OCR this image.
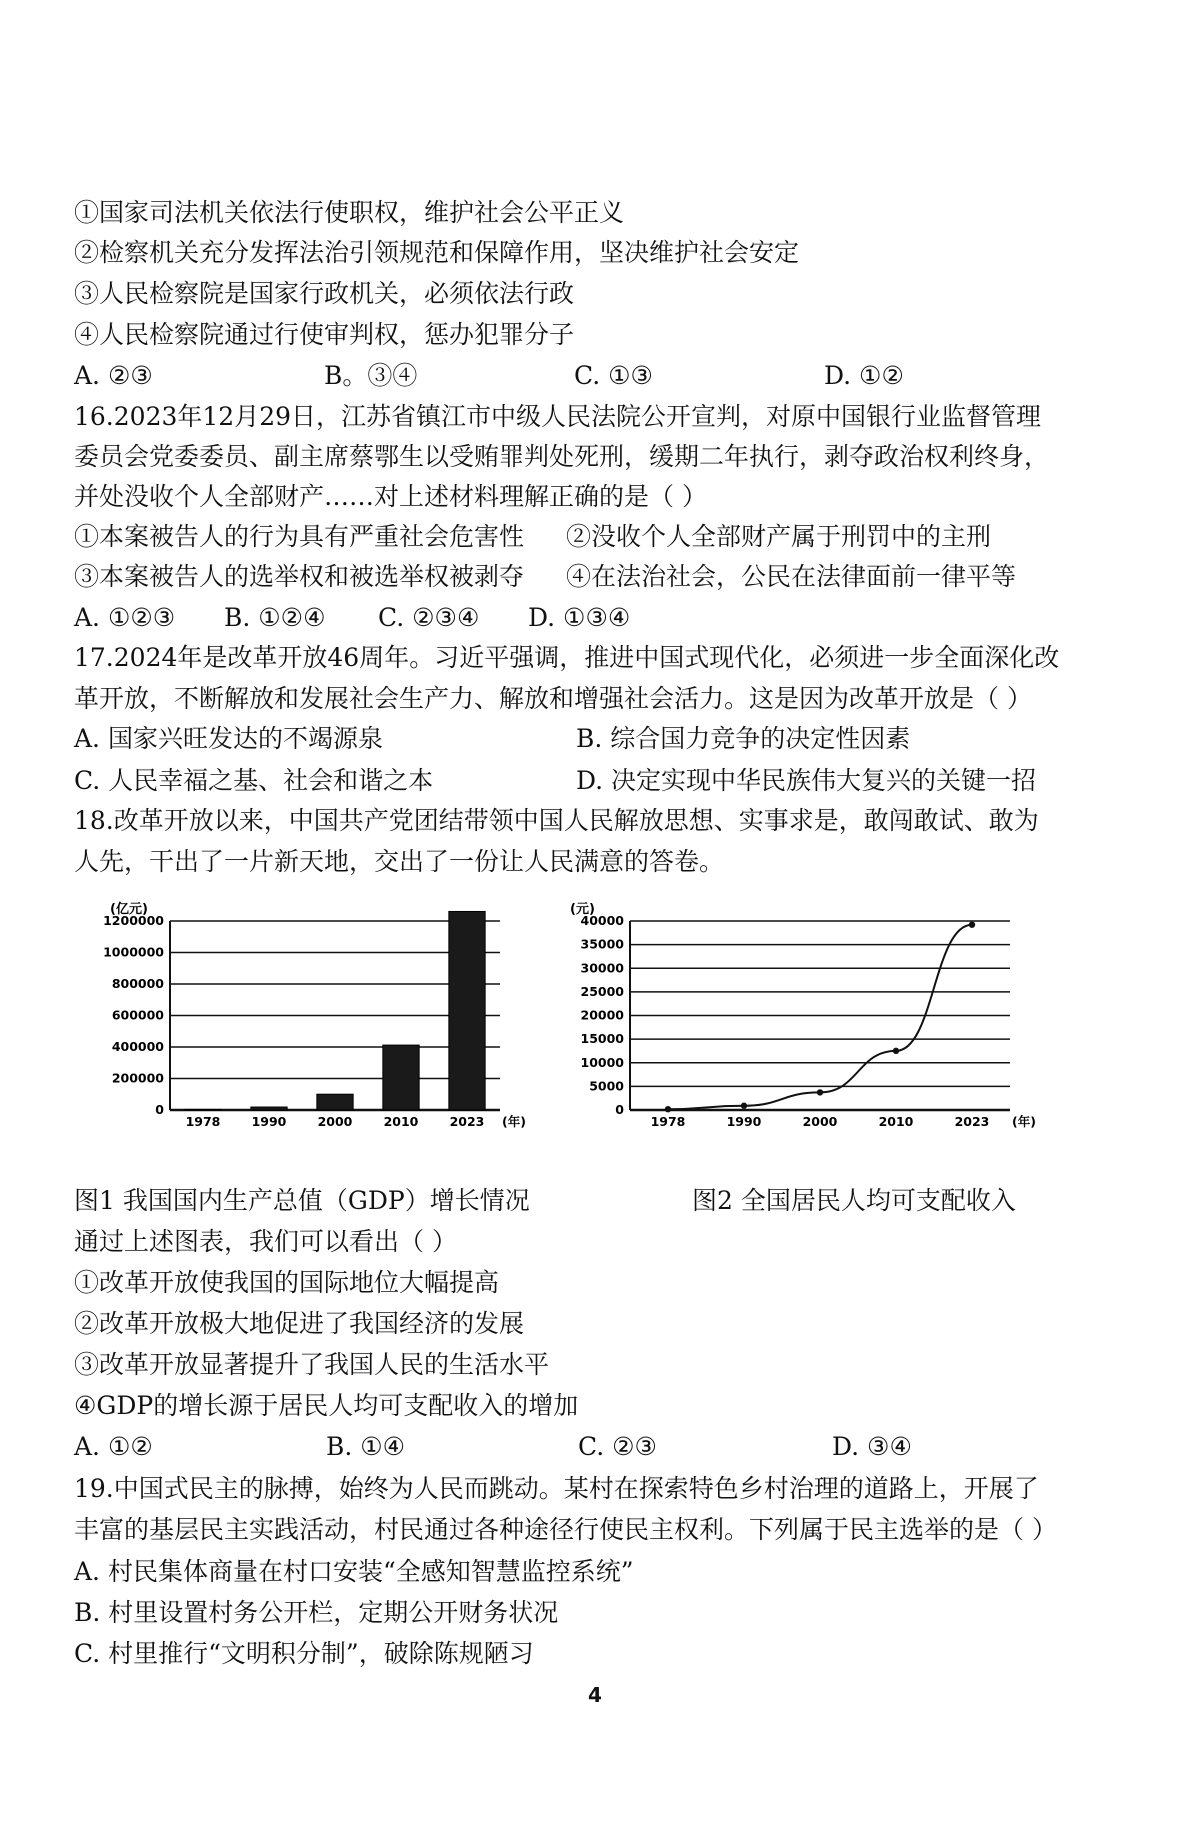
①国家司法机关依法行使职权，维护社会公平正义
②检察机关充分发挥法治引领规范和保障作用，坚决维护社会安定
③人民检察院是国家行政机关，必须依法行政
④人民检察院通过行使审判权，惩办犯罪分子
A. ②③	B。③④	C. ①③	D. ①②
16.2023年12月29日，江苏省镇江市中级人民法院公开宣判，对原中国银行业监督管理
委员会党委委员、副主席蔡鄂生以受贿罪判处死刑，缓期二年执行，剥夺政治权利终身，
并处没收个人全部财产……对上述材料理解正确的是（ ）
①本案被告人的行为具有严重社会危害性 ②没收个人全部财产属于刑罚中的主刑
③本案被告人的选举权和被选举权被剥夺 ④在法治社会，公民在法律面前一律平等
A. ①②③ B. ①②④ C. ②③④ D. ①③④
17.2024年是改革开放46周年。习近平强调，推进中国式现代化，必须进一步全面深化改
革开放，不断解放和发展社会生产力、解放和增强社会活力。这是因为改革开放是（ ）
A. 国家兴旺发达的不竭源泉	B. 综合国力竞争的决定性因素
C. 人民幸福之基、社会和谐之本	D. 决定实现中华民族伟大复兴的关键一招
18.改革开放以来，中国共产党团结带领中国人民解放思想、实事求是，敢闯敢试、敢为
人先，干出了一片新天地，交出了一份让人民满意的答卷。
(亿元)
0
200000
400000
600000
800000
1000000
1200000
1978 1990 2000 2010 2023 (年)
(元)
0
5000
10000
15000
20000
25000
30000
35000
40000
1978	1990	2000	2010	2023 (年)
图1 我国国内生产总值（GDP）增长情况	图2 全国居民人均可支配收入
通过上述图表，我们可以看出（ ）
①改革开放使我国的国际地位大幅提高
②改革开放极大地促进了我国经济的发展
③改革开放显著提升了我国人民的生活水平
④GDP的增长源于居民人均可支配收入的增加
A. ①②	B. ①④	C. ②③	D. ③④
19.中国式民主的脉搏，始终为人民而跳动。某村在探索特色乡村治理的道路上，开展了
丰富的基层民主实践活动，村民通过各种途径行使民主权利。下列属于民主选举的是（ ）
A. 村民集体商量在村口安装“全感知智慧监控系统”
B. 村里设置村务公开栏，定期公开财务状况
C. 村里推行“文明积分制”，破除陈规陋习
4
